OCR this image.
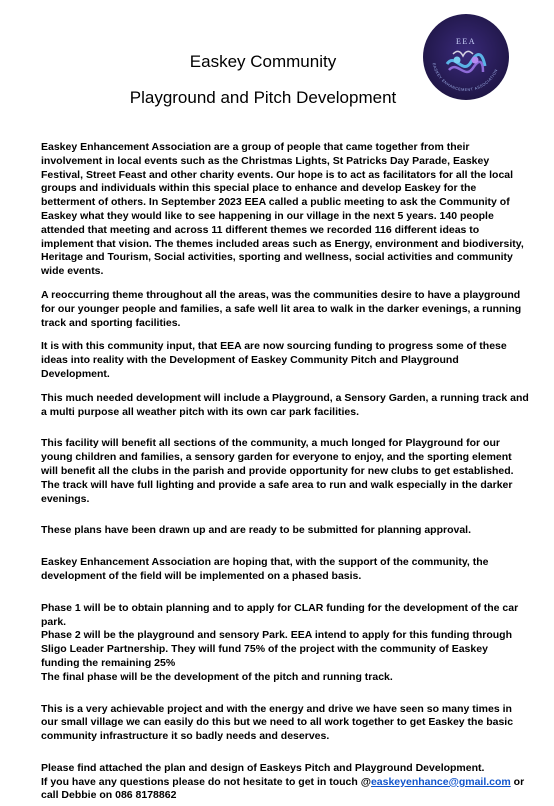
Easkey Community
Playground and Pitch Development
EEA
EASKEY ENHANCEMENT ASSOCIATION

Easkey Enhancement Association are a group of people that came together from their involvement in local events such as the Christmas Lights, St Patricks Day Parade, Easkey Festival, Street Feast and other charity events. Our hope is to act as facilitators for all the local groups and individuals within this special place to enhance and develop Easkey for the betterment of others. In September 2023 EEA called a public meeting to ask the Community of Easkey what they would like to see happening in our village in the next 5 years. 140 people attended that meeting and across 11 different themes we recorded 116 different ideas to implement that vision. The themes included areas such as Energy, environment and biodiversity, Heritage and Tourism, Social activities, sporting and wellness, social activities and community wide events.

A reoccurring theme throughout all the areas, was the communities desire to have a playground for our younger people and families, a safe well lit area to walk in the darker evenings, a running track and sporting facilities.

It is with this community input, that EEA are now sourcing funding to progress some of these ideas into reality with the Development of Easkey Community Pitch and Playground Development.

This much needed development will include a Playground, a Sensory Garden, a running track and a multi purpose all weather pitch with its own car park facilities.

This facility will benefit all sections of the community, a much longed for Playground for our young children and families, a sensory garden for everyone to enjoy, and the sporting element will benefit all the clubs in the parish and provide opportunity for new clubs to get established. The track will have full lighting and provide a safe area to run and walk especially in the darker evenings.

These plans have been drawn up and are ready to be submitted for planning approval.

Easkey Enhancement Association are hoping that, with the support of the community, the development of the field will be implemented on a phased basis.

Phase 1 will be to obtain planning and to apply for CLAR funding for the development of the car park.

Phase 2 will be the playground and sensory Park. EEA intend to apply for this funding through Sligo Leader Partnership. They will fund 75% of the project with the community of Easkey funding the remaining 25%

The final phase will be the development of the pitch and running track.

This is a very achievable project and with the energy and drive we have seen so many times in our small village we can easily do this but we need to all work together to get Easkey the basic community infrastructure it so badly needs and deserves.

Please find attached the plan and design of Easkeys Pitch and Playground Development.

If you have any questions please do not hesitate to get in touch @easkeyenhance@gmail.com or call Debbie on 086 8178862
